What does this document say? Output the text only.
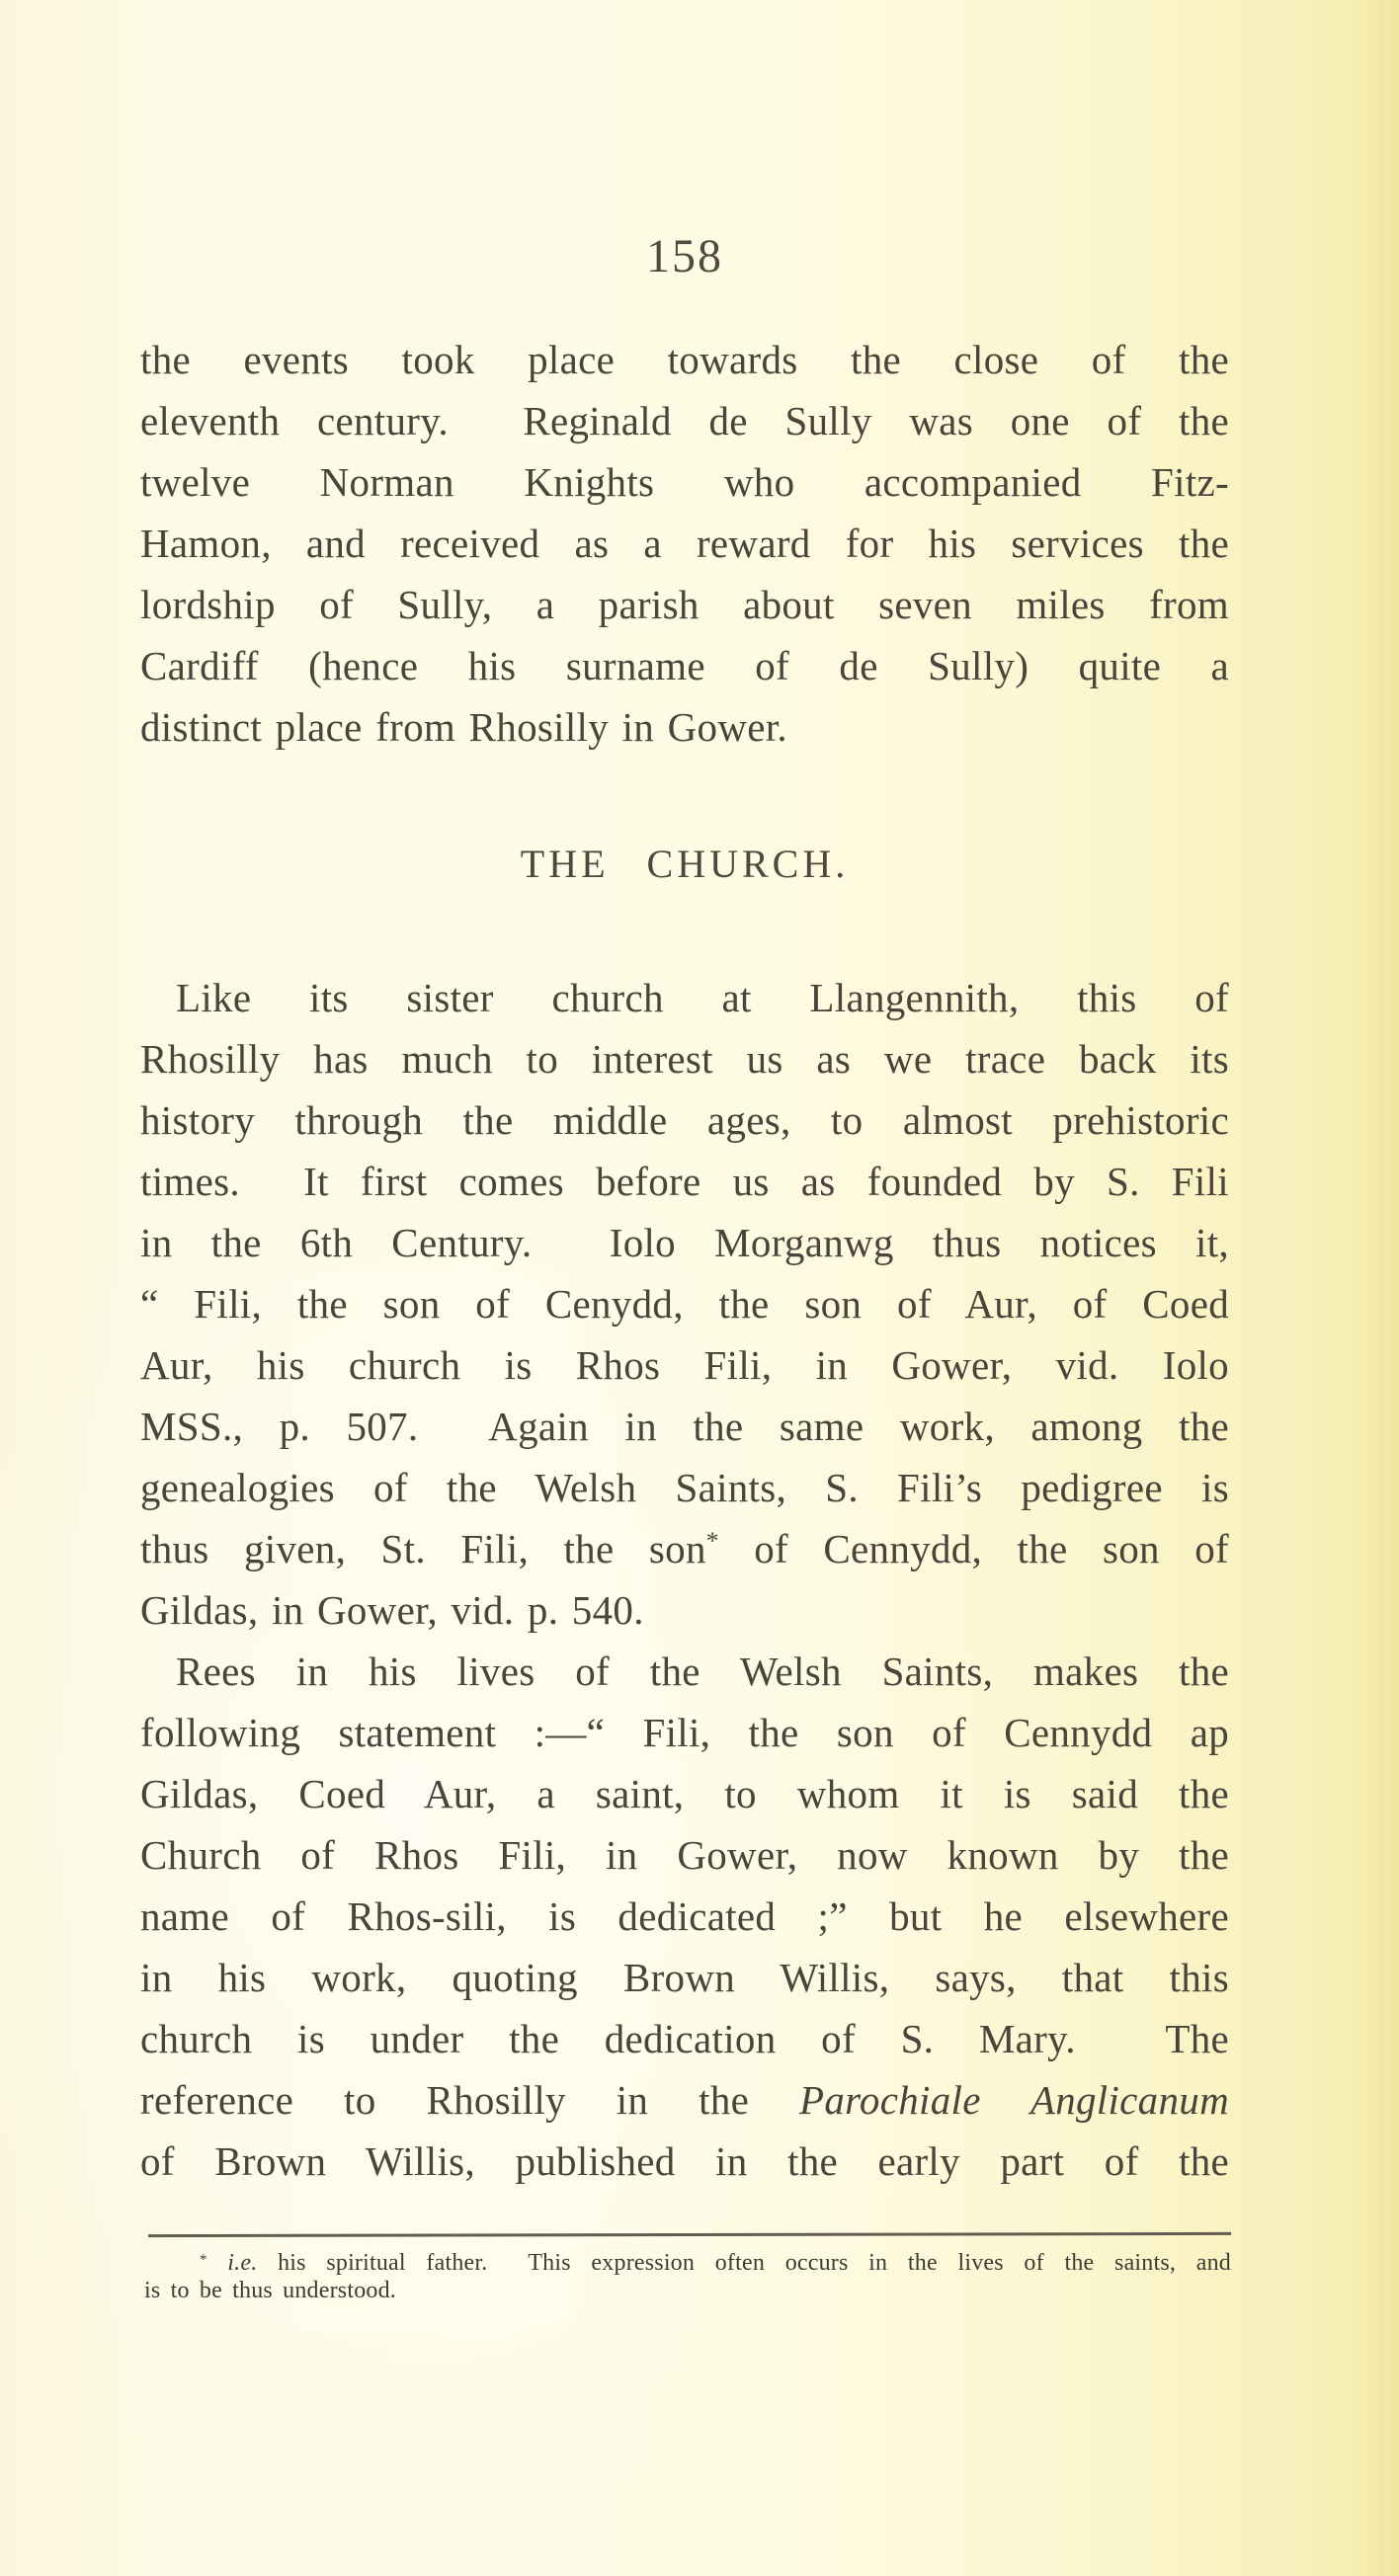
158
the events took place towards the close of the
eleventh century.  Reginald de Sully was one of the
twelve Norman Knights who accompanied Fitz-
Hamon, and received as a reward for his services the
lordship of Sully, a parish about seven miles from
Cardiff (hence his surname of de Sully) quite a
distinct place from Rhosilly in Gower.
THE CHURCH.
Like its sister church at Llangennith, this of
Rhosilly has much to interest us as we trace back its
history through the middle ages, to almost prehistoric
times.  It first comes before us as founded by S. Fili
in the 6th Century.  Iolo Morganwg thus notices it,
“ Fili, the son of Cenydd, the son of Aur, of Coed
Aur, his church is Rhos Fili, in Gower, vid. Iolo
MSS., p. 507.  Again in the same work, among the
genealogies of the Welsh Saints, S. Fili’s pedigree is
thus given, St. Fili, the son* of Cennydd, the son of
Gildas, in Gower, vid. p. 540.
Rees in his lives of the Welsh Saints, makes the
following statement :—“ Fili, the son of Cennydd ap
Gildas, Coed Aur, a saint, to whom it is said the
Church of Rhos Fili, in Gower, now known by the
name of Rhos-sili, is dedicated ;” but he elsewhere
in his work, quoting Brown Willis, says, that this
church is under the dedication of S. Mary.  The
reference to Rhosilly in the Parochiale Anglicanum
of Brown Willis, published in the early part of the
* i.e. his spiritual father.  This expression often occurs in the lives of the saints, and
is to be thus understood.
